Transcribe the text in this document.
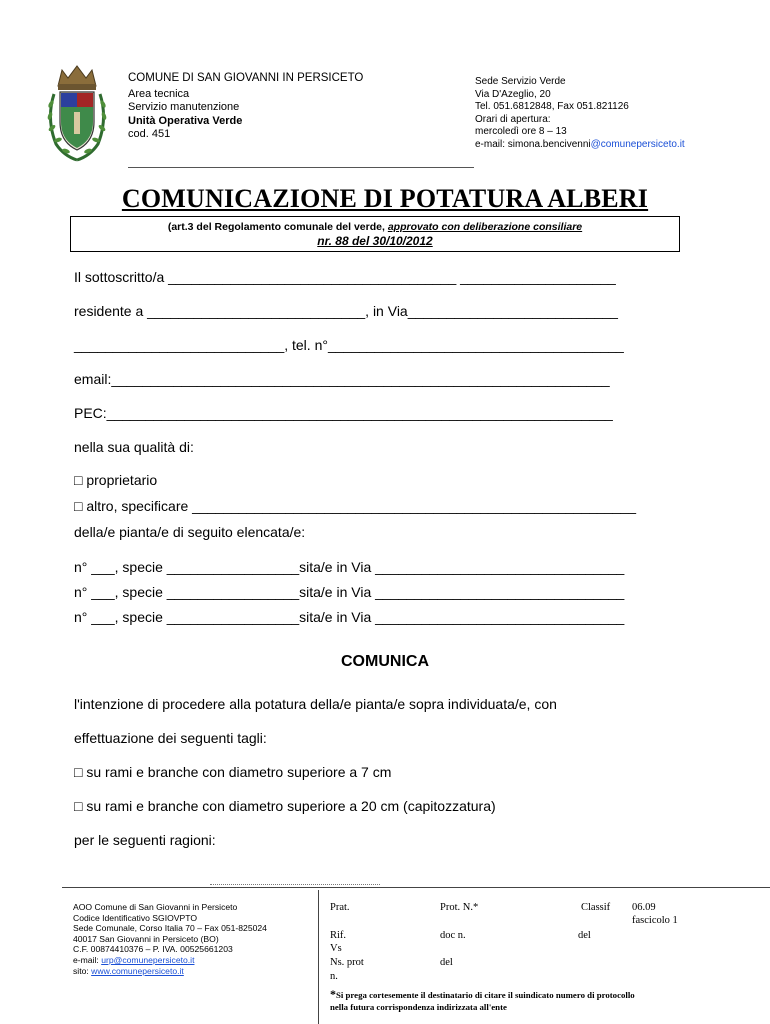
COMUNE DI SAN GIOVANNI IN PERSICETO
Area tecnica
Servizio manutenzione
Unità Operativa Verde
cod. 451
Sede Servizio Verde
Via D'Azeglio, 20
Tel. 051.6812848, Fax 051.821126
Orari di apertura:
mercoledì ore 8 – 13
e-mail: simona.bencivenni@comunepersiceto.it
COMUNICAZIONE DI POTATURA ALBERI
(art.3 del Regolamento comunale del verde, approvato con deliberazione consiliare
nr. 88 del 30/10/2012
Il sottoscritto/a _____________________________________ ____________________
residente a ____________________________, in Via___________________________
___________________________, tel. n°______________________________________
email:________________________________________________________________
PEC:_________________________________________________________________
nella sua qualità di:
□ proprietario
□ altro, specificare _________________________________________________________
della/e pianta/e di seguito elencata/e:
n° ___, specie _________________sita/e in Via ________________________________
n° ___, specie _________________sita/e in Via ________________________________
n° ___, specie _________________sita/e in Via ________________________________
COMUNICA
l'intenzione di procedere alla potatura della/e pianta/e sopra individuata/e, con
effettuazione dei seguenti tagli:
□ su rami e branche con diametro superiore a 7 cm
□ su rami e branche con diametro superiore a 20 cm (capitozzatura)
per le seguenti ragioni:
AOO Comune di San Giovanni in Persiceto
Codice Identificativo SGIOVPTO
Sede Comunale, Corso Italia 70 – Fax 051-825024
40017 San Giovanni in Persiceto (BO)
C.F. 00874410376 – P. IVA. 00525661203
e-mail: urp@comunepersiceto.it
sito: www.comunepersiceto.it
Prat.	Prot. N.*	Classif 06.09
fascicolo 1
Rif.	doc n.	del
Vs
Ns. prot	del
n.
*Si prega cortesemente il destinatario di citare il suindicato numero di protocollo
nella futura corrispondenza indirizzata all'ente
